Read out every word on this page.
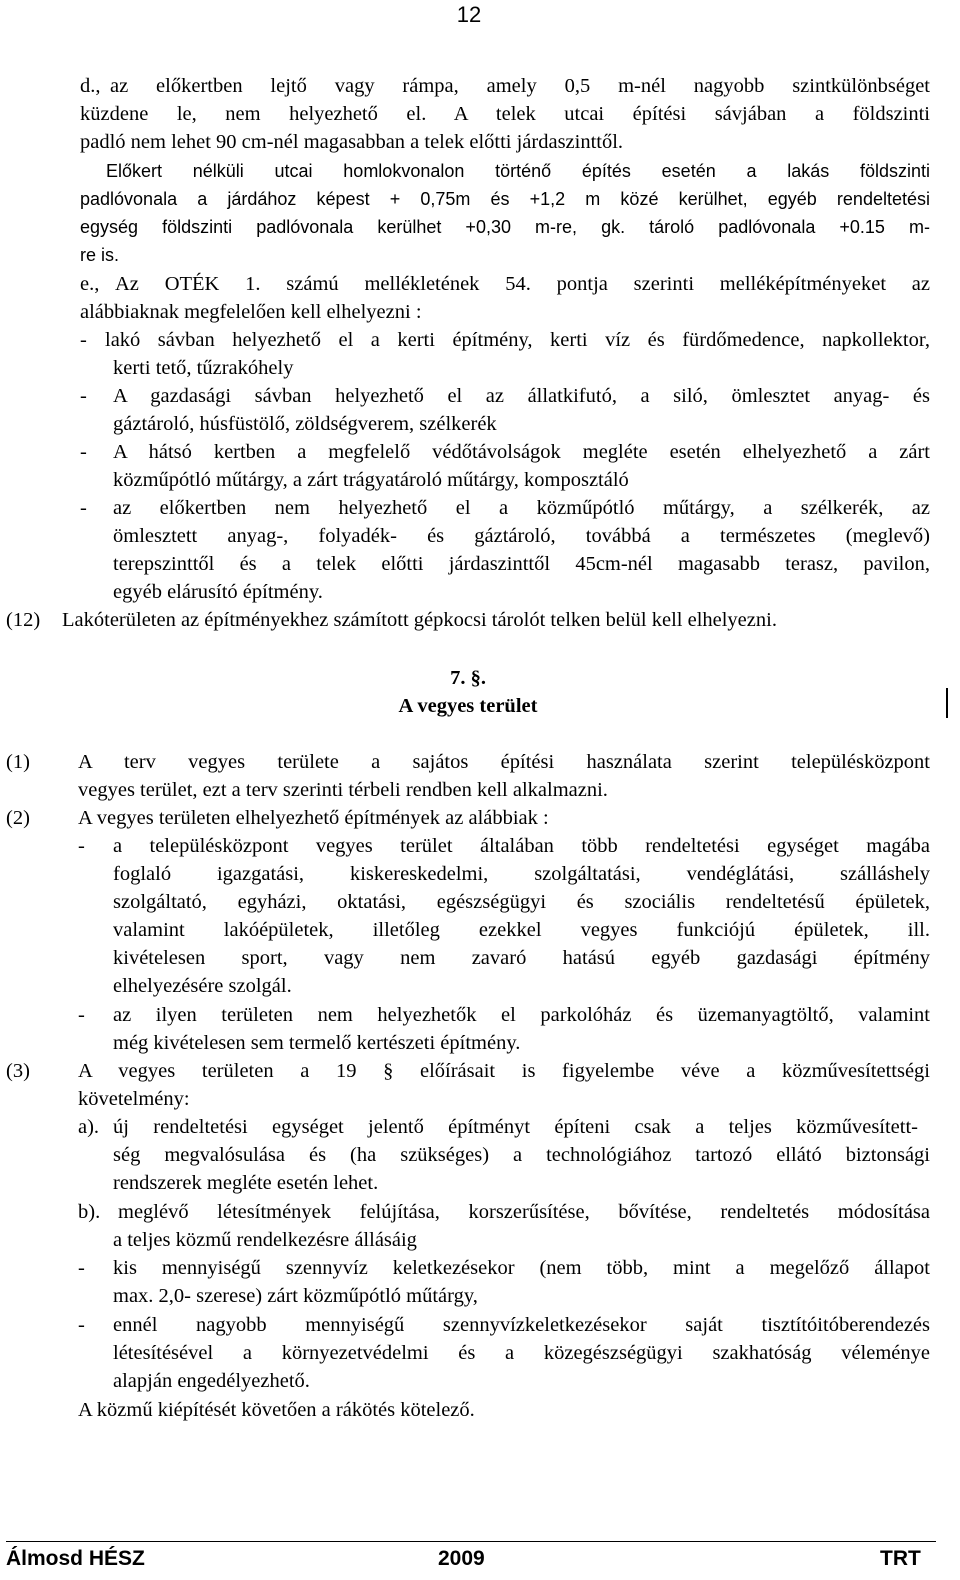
12
d., az előkertben lejtő vagy rámpa, amely 0,5 m-nél nagyobb szintkülönbséget
küzdene le, nem helyezhető el. A telek utcai építési sávjában a földszinti
padló nem lehet 90 cm-nél magasabban a telek előtti járdaszinttől.
Előkert nélküli utcai homlokvonalon történő építés esetén a lakás földszinti
padlóvonala a járdához képest + 0,75m és +1,2 m közé kerülhet, egyéb rendeltetési
egység földszinti padlóvonala kerülhet +0,30 m-re, gk. tároló padlóvonala +0.15 m-
re is.
e., Az OTÉK 1. számú mellékletének 54. pontja szerinti melléképítményeket az
alábbiaknak megfelelően kell elhelyezni :
- lakó sávban helyezhető el a kerti építmény, kerti víz és fürdőmedence, napkollektor,
kerti tető, tűzrakóhely
- A gazdasági sávban helyezhető el az állatkifutó, a siló, ömlesztet anyag- és
gáztároló, húsfüstölő, zöldségverem, szélkerék
- A hátsó kertben a megfelelő védőtávolságok megléte esetén elhelyezhető a zárt
közműpótló műtárgy, a zárt trágyatároló műtárgy, komposztáló
- az előkertben nem helyezhető el a közműpótló műtárgy, a szélkerék, az
ömlesztett anyag-, folyadék- és gáztároló, továbbá a természetes (meglevő)
terepszinttől és a telek előtti járdaszinttől 45cm-nél magasabb terasz, pavilon,
egyéb elárusító építmény.
(12) Lakóterületen az építményekhez számított gépkocsi tárolót telken belül kell elhelyezni.
7. §.
A vegyes terület
(1) A terv vegyes területe a sajátos építési használata szerint településközpont
vegyes terület, ezt a terv szerinti térbeli rendben kell alkalmazni.
(2) A vegyes területen elhelyezhető építmények az alábbiak :
- a településközpont vegyes terület általában több rendeltetési egységet magába
foglaló igazgatási, kiskereskedelmi, szolgáltatási, vendéglátási, szálláshely
szolgáltató, egyházi, oktatási, egészségügyi és szociális rendeltetésű épületek,
valamint lakóépületek, illetőleg ezekkel vegyes funkciójú épületek, ill.
kivételesen sport, vagy nem zavaró hatású egyéb gazdasági építmény
elhelyezésére szolgál.
- az ilyen területen nem helyezhetők el parkolóház és üzemanyagtöltő, valamint
még kivételesen sem termelő kertészeti építmény.
(3) A vegyes területen a 19 § előírásait is figyelembe véve a közművesítettségi
követelmény:
a). új rendeltetési egységet jelentő építményt építeni csak a teljes közművesített-
ség megvalósulása és (ha szükséges) a technológiához tartozó ellátó biztonsági
rendszerek megléte esetén lehet.
b). meglévő létesítmények felújítása, korszerűsítése, bővítése, rendeltetés módosítása
a teljes közmű rendelkezésre állásáig
- kis mennyiségű szennyvíz keletkezésekor (nem több, mint a megelőző állapot
max. 2,0- szerese) zárt közműpótló műtárgy,
- ennél nagyobb mennyiségű szennyvízkeletkezésekor saját tisztítóitóberendezés
létesítésével a környezetvédelmi és a közegészségügyi szakhatóság véleménye
alapján engedélyezhető.
A közmű kiépítését követően a rákötés kötelező.
Álmosd HÉSZ	2009	TRT
